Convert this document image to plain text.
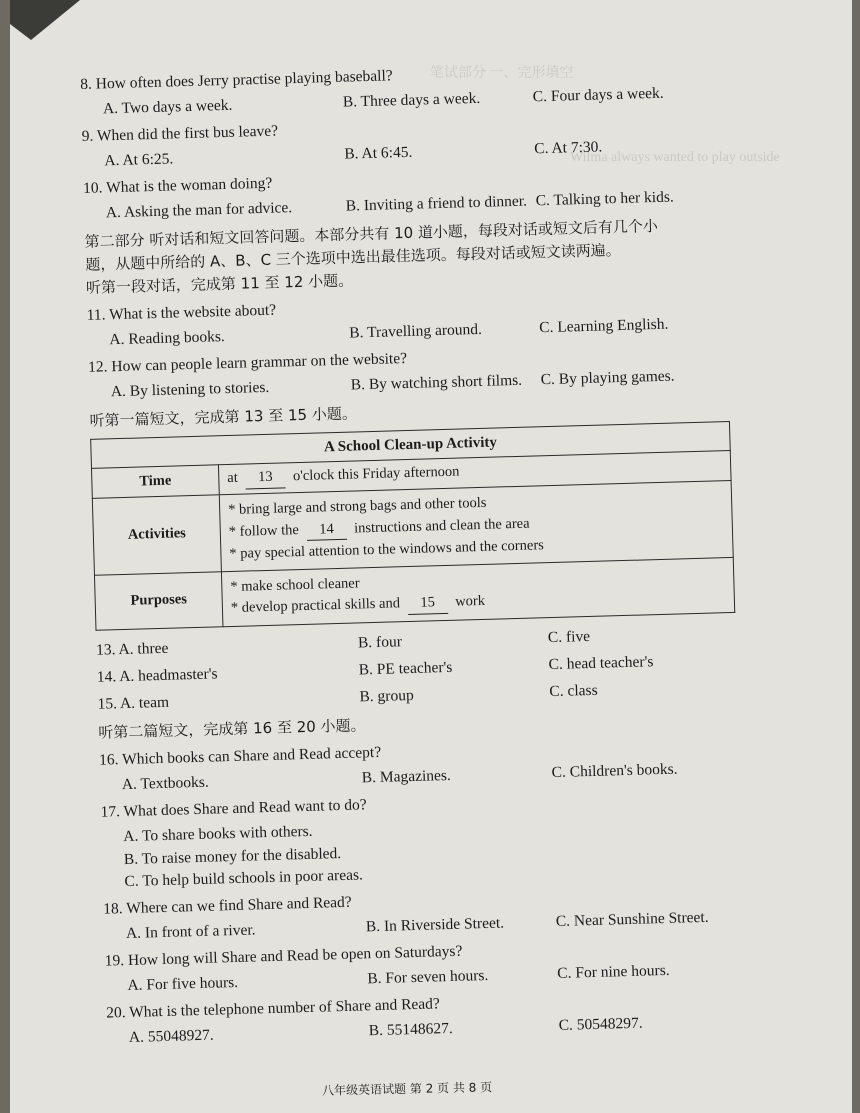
笔试部分 一、完形填空
Wilma always wanted to play outside

8. How often does Jerry practise playing baseball?

A. Two days a week.	B. Three days a week.	C. Four days a week.

9. When did the first bus leave?

A. At 6:25.	B. At 6:45.	C. At 7:30.

10. What is the woman doing?

A. Asking the man for advice.	B. Inviting a friend to dinner. C. Talking to her kids.

第二部分 听对话和短文回答问题。本部分共有 10 道小题，每段对话或短文后有几个小

题，从题中所给的 A、B、C 三个选项中选出最佳选项。每段对话或短文读两遍。

听第一段对话，完成第 11 至 12 小题。

11. What is the website about?

A. Reading books.	B. Travelling around.	C. Learning English.

12. How can people learn grammar on the website?

A. By listening to stories.	B. By watching short films.	C. By playing games.
听第一篇短文，完成第 13 至 15 小题。
A School Clean-up Activity	
Time	at 13 o'clock this Friday afternoon
Activities	* bring large and strong bags and other tools
* follow the 14 instructions and clean the area
* pay special attention to the windows and the corners

Purposes	* make school cleaner
* develop practical skills and 15 work
13. A. three	B. four	C. five
14. A. headmaster's	B. PE teacher's	C. head teacher's
15. A. team	B. group	C. class
听第二篇短文，完成第 16 至 20 小题。

16. Which books can Share and Read accept?

A. Textbooks.	B. Magazines.	C. Children's books.

17. What does Share and Read want to do?

A. To share books with others.
B. To raise money for the disabled.
C. To help build schools in poor areas.

18. Where can we find Share and Read?

A. In front of a river.	B. In Riverside Street.	C. Near Sunshine Street.

19. How long will Share and Read be open on Saturdays?

A. For five hours.	B. For seven hours.	C. For nine hours.

20. What is the telephone number of Share and Read?

A. 55048927.	B. 55148627.	C. 50548297.
八年级英语试题 第 2 页 共 8 页
